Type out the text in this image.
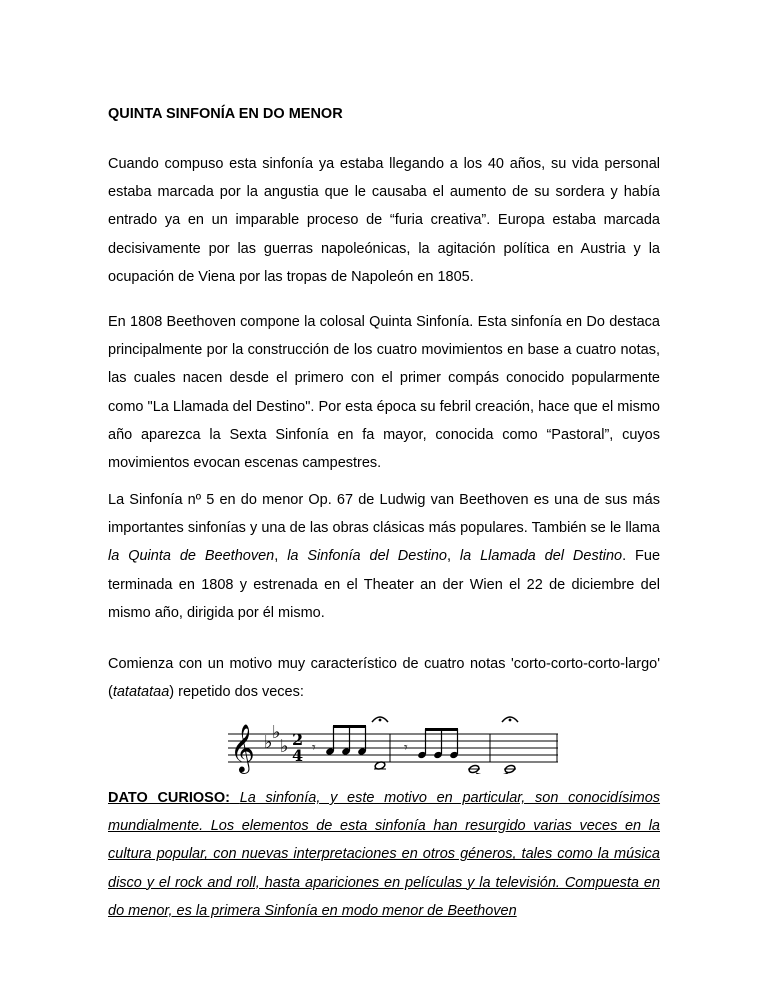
QUINTA SINFONÍA EN DO MENOR

Cuando compuso esta sinfonía ya estaba llegando a los 40 años, su vida personal estaba marcada por la angustia que le causaba el aumento de su sordera y había entrado ya en un imparable proceso de “furia creativa”. Europa estaba marcada decisivamente por las guerras napoleónicas, la agitación política en Austria y la ocupación de Viena por las tropas de Napoleón en 1805.

En 1808 Beethoven compone la colosal Quinta Sinfonía. Esta sinfonía en Do destaca principalmente por la construcción de los cuatro movimientos en base a cuatro notas, las cuales nacen desde el primero con el primer compás conocido popularmente como "La Llamada del Destino". Por esta época su febril creación, hace que el mismo año aparezca la Sexta Sinfonía en fa mayor, conocida como “Pastoral”, cuyos movimientos evocan escenas campestres.

La Sinfonía nº 5 en do menor Op. 67 de Ludwig van Beethoven es una de sus más importantes sinfonías y una de las obras clásicas más populares. También se le llama la Quinta de Beethoven, la Sinfonía del Destino, la Llamada del Destino. Fue terminada en 1808 y estrenada en el Theater an der Wien el 22 de diciembre del mismo año, dirigida por él mismo.

Comienza con un motivo muy característico de cuatro notas 'corto-corto-corto-largo' (tatatataa) repetido dos veces:

DATO CURIOSO: La sinfonía, y este motivo en particular, son conocidísimos mundialmente. Los elementos de esta sinfonía han resurgido varias veces en la cultura popular, con nuevas interpretaciones en otros géneros, tales como la música disco y el rock and roll, hasta apariciones en películas y la televisión. Compuesta en do menor, es la primera Sinfonía en modo menor de Beethoven

𝄞 ♭ ♭
♭ 2
4 𝄾	𝄾
